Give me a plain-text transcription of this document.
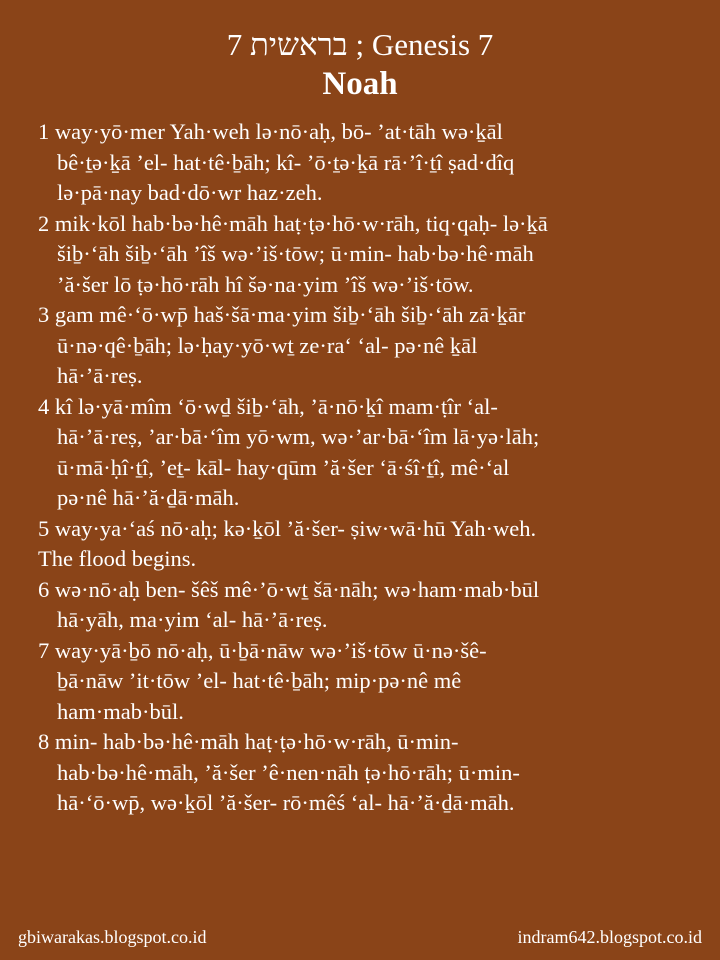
בראשית 7 ; Genesis 7
Noah
1 way·yō·mer Yah·weh lə·nō·aḥ, bō- ’at·tāh wə·ḵāl
bê·ṯə·ḵā ’el- hat·tê·ḇāh; kî- ’ō·ṯə·ḵā rā·’î·ṯî ṣad·dîq
lə·pā·nay bad·dō·wr haz·zeh.
2 mik·kōl hab·bə·hê·māh haṭ·ṭə·hō·w·rāh, tiq·qaḥ- lə·ḵā
šiḇ·‘āh šiḇ·‘āh ’îš wə·’iš·tōw; ū·min- hab·bə·hê·māh
’ă·šer lō ṭə·hō·rāh hî šə·na·yim ’îš wə·’iš·tōw.
3 gam mê·‘ō·wp̄ haš·šā·ma·yim šiḇ·‘āh šiḇ·‘āh zā·ḵār
ū·nə·qê·ḇāh; lə·ḥay·yō·wṯ ze·ra‘ ‘al- pə·nê ḵāl
hā·’ā·reṣ.
4 kî lə·yā·mîm ‘ō·wḏ šiḇ·‘āh, ’ā·nō·ḵî mam·ṭîr ‘al-
hā·’ā·reṣ, ’ar·bā·‘îm yō·wm, wə·’ar·bā·‘îm lā·yə·lāh;
ū·mā·ḥî·ṯî, ’eṯ- kāl- hay·qūm ’ă·šer ‘ā·śî·ṯî, mê·‘al
pə·nê hā·’ă·ḏā·māh.
5 way·ya·‘aś nō·aḥ; kə·ḵōl ’ă·šer- ṣiw·wā·hū Yah·weh.
The flood begins.
6 wə·nō·aḥ ben- šêš mê·’ō·wṯ šā·nāh; wə·ham·mab·būl
hā·yāh, ma·yim ‘al- hā·’ā·reṣ.
7 way·yā·ḇō nō·aḥ, ū·ḇā·nāw wə·’iš·tōw ū·nə·šê-
ḇā·nāw ’it·tōw ’el- hat·tê·ḇāh; mip·pə·nê mê
ham·mab·būl.
8 min- hab·bə·hê·māh haṭ·ṭə·hō·w·rāh, ū·min-
hab·bə·hê·māh, ’ă·šer ’ê·nen·nāh ṭə·hō·rāh; ū·min-
hā·‘ō·wp̄, wə·ḵōl ’ă·šer- rō·mêś ‘al- hā·’ă·ḏā·māh.
gbiwarakas.blogspot.co.id	indram642.blogspot.co.id
